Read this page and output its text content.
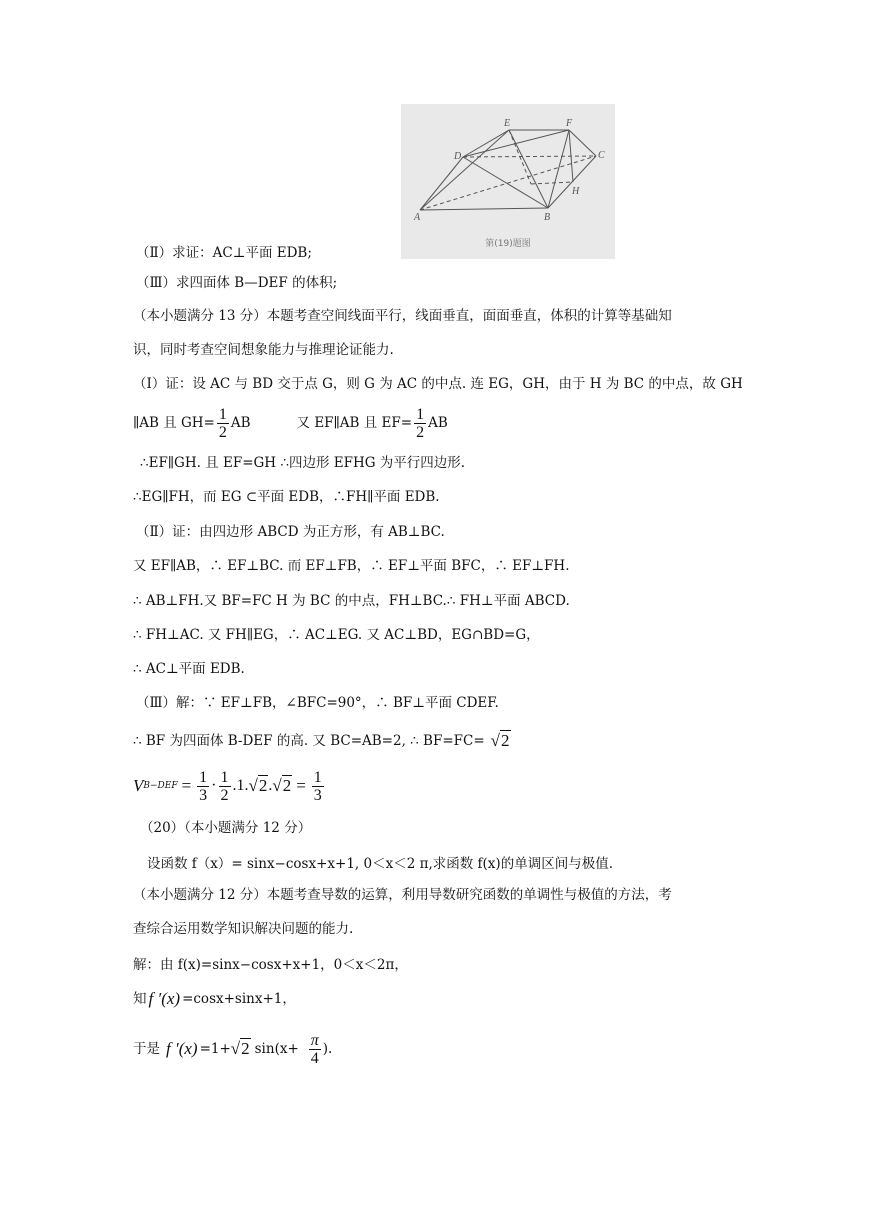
A	B
C
D
E	F
H
第(19)题图
（Ⅱ）求证：AC⊥平面 EDB;
（Ⅲ）求四面体 B—DEF 的体积;
（本小题满分 13 分）本题考查空间线面平行，线面垂直，面面垂直，体积的计算等基础知
识，同时考查空间想象能力与推理论证能力.
（Ⅰ）证：设 AC 与 BD 交于点 G，则 G 为 AC 的中点. 连 EG，GH，由于 H 为 BC 的中点，故 GH
∥AB 且 $GH= \frac{1}{2}$ AB	又 EF∥AB 且 $EF= \frac{1}{2}$ AB
∴EF∥GH. 且 EF=GH ∴四边形 EFHG 为平行四边形.
∴EG∥FH，而 EG ⊂平面 EDB，∴FH∥平面 EDB.
（Ⅱ）证：由四边形 ABCD 为正方形，有 AB⊥BC.
又 EF∥AB，∴ EF⊥BC. 而 EF⊥FB，∴ EF⊥平面 BFC，∴ EF⊥FH.
∴ AB⊥FH.又 BF=FC H 为 BC 的中点，FH⊥BC.∴ FH⊥平面 ABCD.
∴ FH⊥AC. 又 FH∥EG，∴ AC⊥EG. 又 AC⊥BD，EG∩BD=G，
∴ AC⊥平面 EDB.
（Ⅲ）解：∵ EF⊥FB，∠BFC=90°，∴ BF⊥平面 CDEF.
∴ BF 为四面体 B-DEF 的高. 又 BC=AB=2, ∴ BF=FC= √2
V $B-DEF = \frac{1}{3} \cdot \frac{1}{2} .1$. √2 . $√2 = \frac{1}{3}$
（20）（本小题满分 12 分）
设函数 f（x）= sinx−cosx+x+1, 0＜x＜2 π,求函数 f(x)的单调区间与极值.
（本小题满分 12 分）本题考查导数的运算，利用导数研究函数的单调性与极值的方法，考
查综合运用数学知识解决问题的能力.
解：由 f(x)=sinx−cosx+x+1，0＜x＜2π，
知 f ′(x) =cosx+sinx+1，
于是 f ′(x) =1+ √2 $\sin(x+ \frac{\pi}{4}$ ).
